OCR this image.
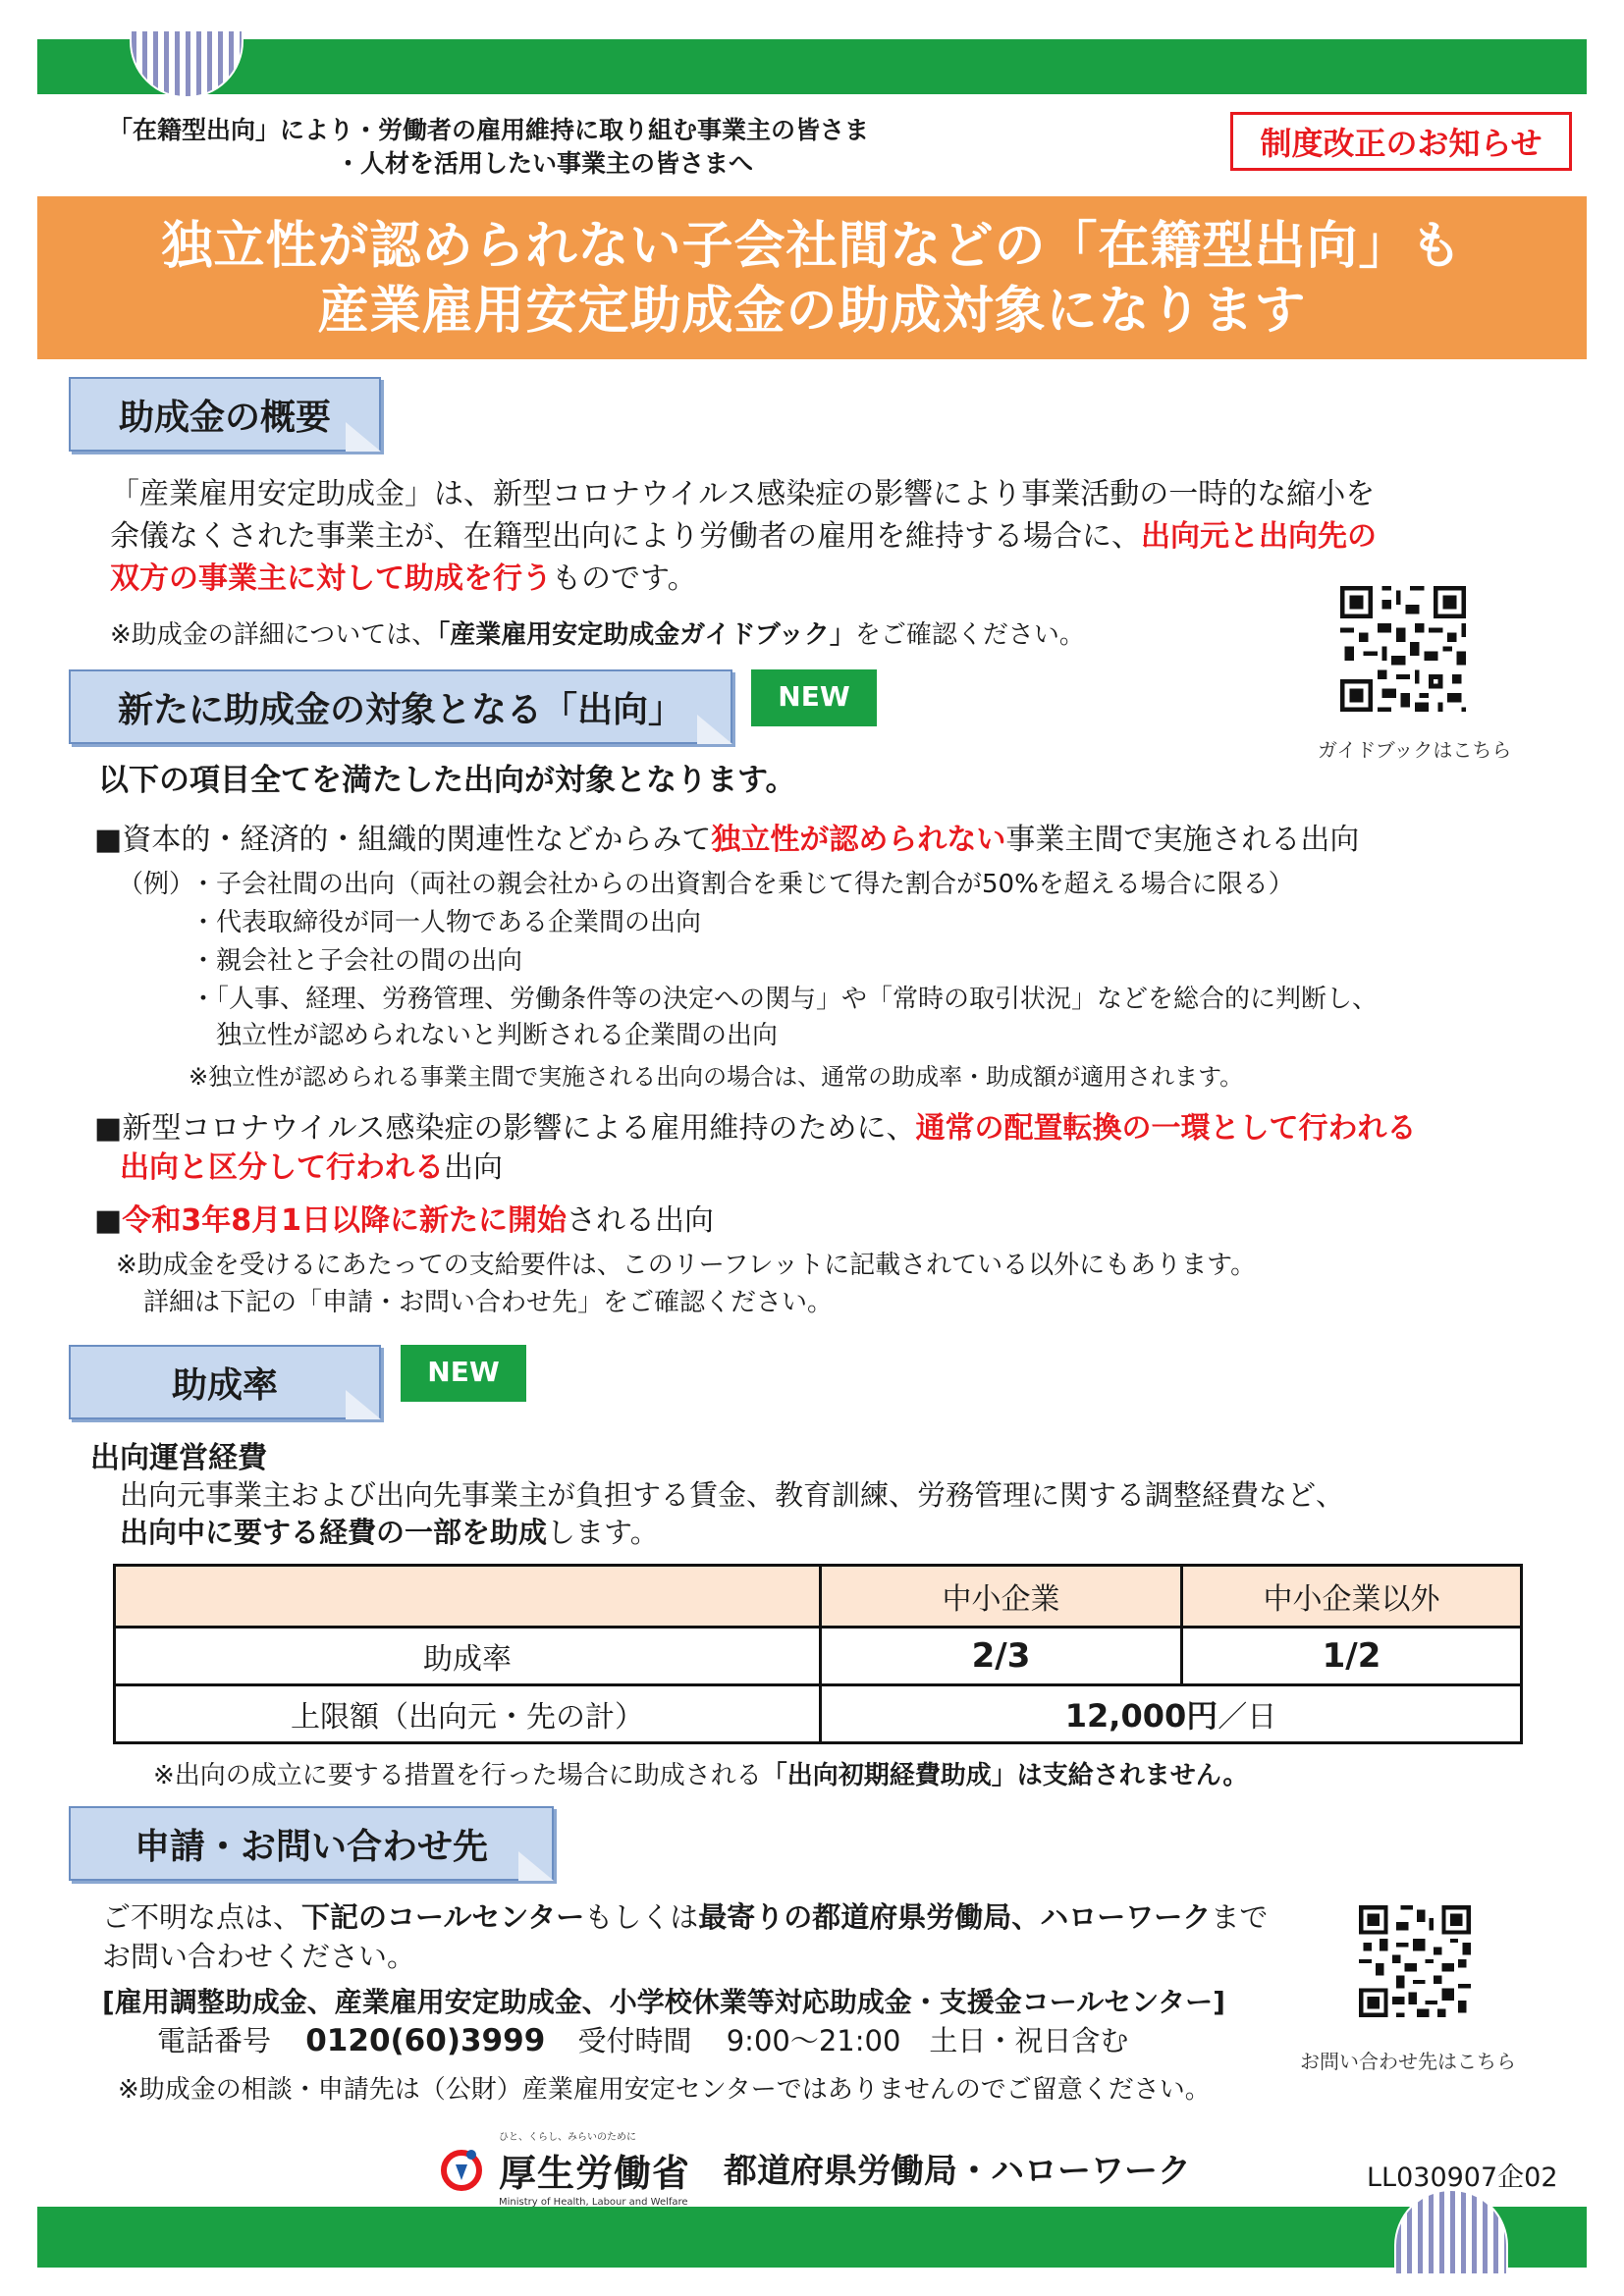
「在籍型出向」により・労働者の雇用維持に取り組む事業主の皆さま
・人材を活用したい事業主の皆さまへ
制度改正のお知らせ
独立性が認められない子会社間などの「在籍型出向」も
産業雇用安定助成金の助成対象になります
助成金の概要
「産業雇用安定助成金」は、新型コロナウイルス感染症の影響により事業活動の一時的な縮小を
余儀なくされた事業主が、在籍型出向により労働者の雇用を維持する場合に、出向元と出向先の
双方の事業主に対して助成を行うものです。
※助成金の詳細については、「産業雇用安定助成金ガイドブック」をご確認ください。
ガイドブックはこちら
新たに助成金の対象となる「出向」	NEW
以下の項目全てを満たした出向が対象となります。
■資本的・経済的・組織的関連性などからみて独立性が認められない事業主間で実施される出向
（例）
・子会社間の出向（両社の親会社からの出資割合を乗じて得た割合が50%を超える場合に限る）
・代表取締役が同一人物である企業間の出向
・親会社と子会社の間の出向
・「人事、経理、労務管理、労働条件等の決定への関与」や「常時の取引状況」などを総合的に判断し、
独立性が認められないと判断される企業間の出向
※独立性が認められる事業主間で実施される出向の場合は、通常の助成率・助成額が適用されます。
■新型コロナウイルス感染症の影響による雇用維持のために、通常の配置転換の一環として行われる
出向と区分して行われる出向
■令和3年8月1日以降に新たに開始される出向
※助成金を受けるにあたっての支給要件は、このリーフレットに記載されている以外にもあります。
詳細は下記の「申請・お問い合わせ先」をご確認ください。
助成率	NEW
出向運営経費
出向元事業主および出向先事業主が負担する賃金、教育訓練、労務管理に関する調整経費など、
出向中に要する経費の一部を助成します。
	中小企業	中小企業以外
助成率	2/3	1/2
上限額（出向元・先の計）	12,000円／日	
※出向の成立に要する措置を行った場合に助成される「出向初期経費助成」は支給されません。
申請・お問い合わせ先
ご不明な点は、下記のコールセンターもしくは最寄りの都道府県労働局、ハローワークまで
お問い合わせください。
[雇用調整助成金、産業雇用安定助成金、小学校休業等対応助成金・支援金コールセンター]
電話番号 0120(60)3999 受付時間 9:00～21:00　土日・祝日含む
※助成金の相談・申請先は（公財）産業雇用安定センターではありませんのでご留意ください。
お問い合わせ先はこちら
ひと、くらし、みらいのために
厚生労働省
Ministry of Health, Labour and Welfare
都道府県労働局・ハローワーク	LL030907企02
